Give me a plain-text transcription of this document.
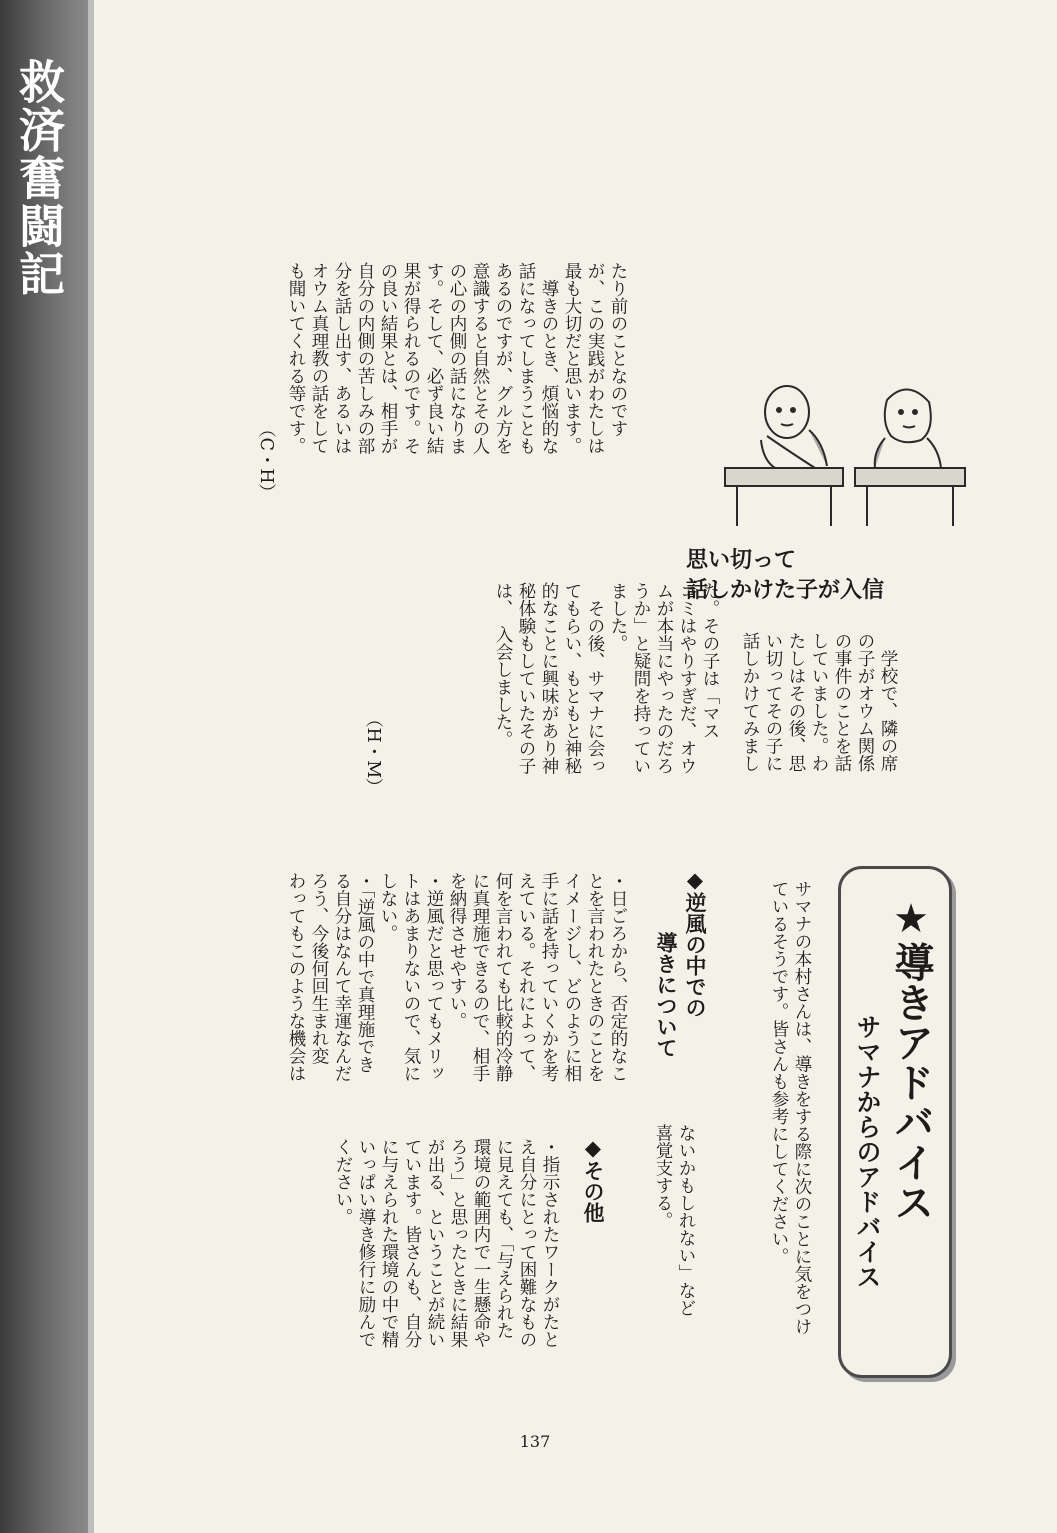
救済奮闘記
たり前のことなのです
が、この実践がわたしは
最も大切だと思います。
　導きのとき、煩悩的な
話になってしまうことも
あるのですが、グル方を
意識すると自然とその人
の心の内側の話になりま
す。そして、必ず良い結
果が得られるのです。そ
の良い結果とは、相手が
自分の内側の苦しみの部
分を話し出す、あるいは
オウム真理教の話をして
も聞いてくれる等です。
（C・H）
思い切って
話しかけた子が入信
　学校で、隣の席
の子がオウム関係
の事件のことを話
していました。わ
たしはその後、思
い切ってその子に
話しかけてみまし
た。その子は「マス
コミはやりすぎだ、オウ
ムが本当にやったのだろ
うか」と疑問を持ってい
ました。
　その後、サマナに会っ
てもらい、もともと神秘
的なことに興味があり神
秘体験もしていたその子
は、　入会しました。
（H・M）
★導きアドバイス
サマナからのアドバイス
サマナの本村さんは、導きをする際に次のことに気をつけ
ているそうです。皆さんも参考にしてください。
ないかもしれない」など
喜覚支する。
◆その他
・指示されたワークがたと
え自分にとって困難なもの
に見えても、「与えられた
環境の範囲内で一生懸命や
ろう」と思ったときに結果
が出る、ということが続い
ています。皆さんも、自分
に与えられた環境の中で精
いっぱい導き修行に励んで
ください。
◆逆風の中での
導きについて
・日ごろから、否定的なこ
とを言われたときのことを
イメージし、どのように相
手に話を持っていくかを考
えている。それによって、
何を言われても比較的冷静
に真理施できるので、相手
を納得させやすい。
・逆風だと思ってもメリッ
トはあまりないので、気に
しない。
・「逆風の中で真理施でき
る自分はなんて幸運なんだ
ろう、今後何回生まれ変
わってもこのような機会は
137
